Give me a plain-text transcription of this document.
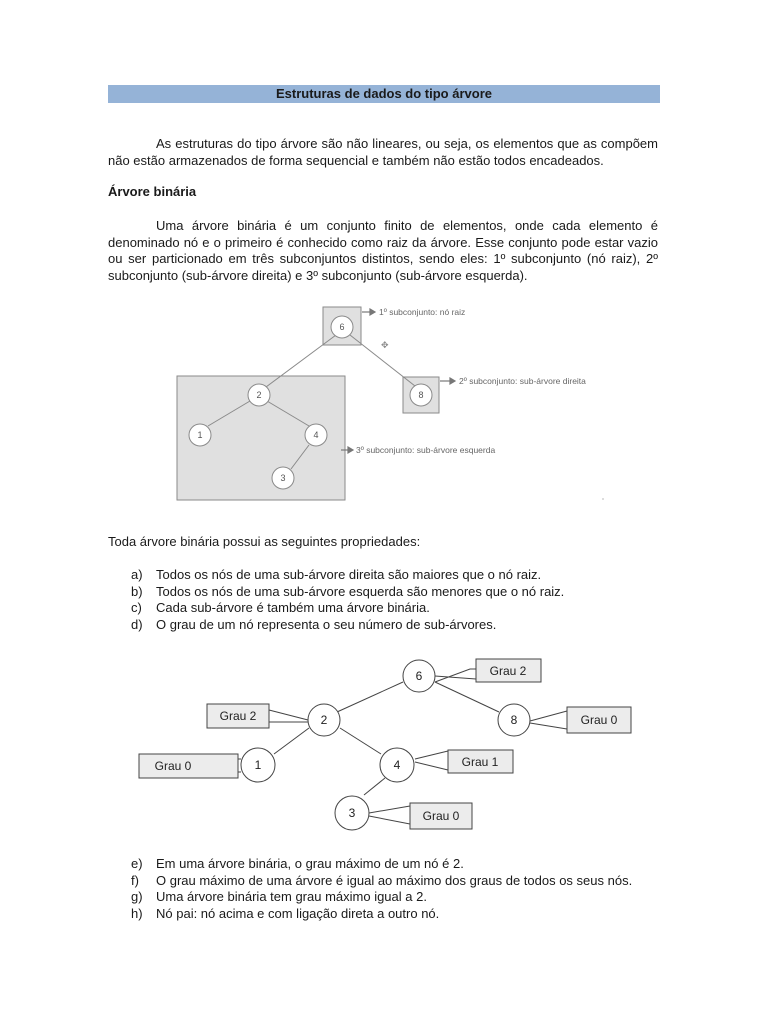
Estruturas de dados do tipo árvore
As estruturas do tipo árvore são não lineares, ou seja, os elementos que as compõem não estão armazenados de forma sequencial e também não estão todos encadeados.
Árvore binária
Uma árvore binária é um conjunto finito de elementos, onde cada elemento é denominado nó e o primeiro é conhecido como raiz da árvore. Esse conjunto pode estar vazio ou ser particionado em três subconjuntos distintos, sendo eles: 1º subconjunto (nó raiz), 2º subconjunto (sub-árvore direita) e 3º subconjunto (sub-árvore esquerda).
6
2	8
1	4
3
✥
1º subconjunto: nó raiz
2º subconjunto: sub-árvore direita
3º subconjunto: sub-árvore esquerda
Toda árvore binária possui as seguintes propriedades:
a) Todos os nós de uma sub-árvore direita são maiores que o nó raiz.
b) Todos os nós de uma sub-árvore esquerda são menores que o nó raiz.
c) Cada sub-árvore é também uma árvore binária.
d) O grau de um nó representa o seu número de sub-árvores.
6
2	8
1	4
3
Grau 2
Grau 2	Grau 0
Grau 0	Grau 1
Grau 0
e) Em uma árvore binária, o grau máximo de um nó é 2.
f) O grau máximo de uma árvore é igual ao máximo dos graus de todos os seus nós.
g) Uma árvore binária tem grau máximo igual a 2.
h) Nó pai: nó acima e com ligação direta a outro nó.
